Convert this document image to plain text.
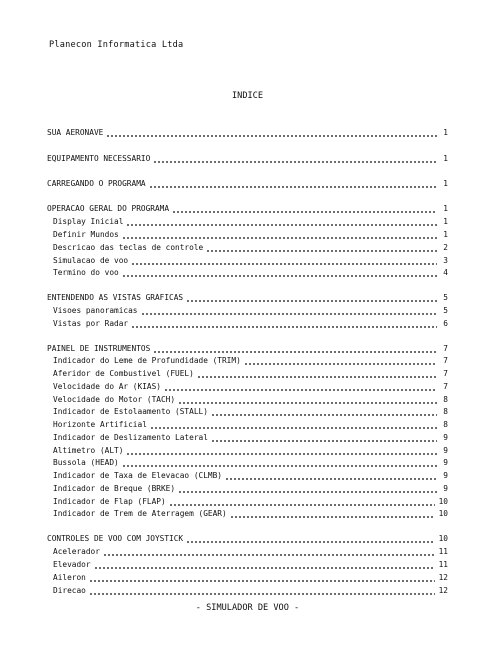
Planecon Informatica Ltda
INDICE
SUA AERONAVE	1
EQUIPAMENTO NECESSARIO	1
CARREGANDO O PROGRAMA	1
OPERACAO GERAL DO PROGRAMA	1
Display Inicial	1
Definir Mundos	1
Descricao das teclas de controle	2
Simulacao de voo	3
Termino do voo	4
ENTENDENDO AS VISTAS GRAFICAS	5
Visoes panoramicas	5
Vistas por Radar	6
PAINEL DE INSTRUMENTOS	7
Indicador do Leme de Profundidade (TRIM)	7
Aferidor de Combustivel (FUEL)	7
Velocidade do Ar (KIAS)	7
Velocidade do Motor (TACH)	8
Indicador de Estolaamento (STALL)	8
Horizonte Artificial	8
Indicador de Deslizamento Lateral	9
Altimetro (ALT)	9
Bussola (HEAD)	9
Indicador de Taxa de Elevacao (CLMB)	9
Indicador de Breque (BRKE)	9
Indicador de Flap (FLAP)	10
Indicador de Trem de Aterragem (GEAR)	10
CONTROLES DE VOO COM JOYSTICK	10
Acelerador	11
Elevador	11
Aileron	12
Direcao	12
- SIMULADOR DE VOO -
